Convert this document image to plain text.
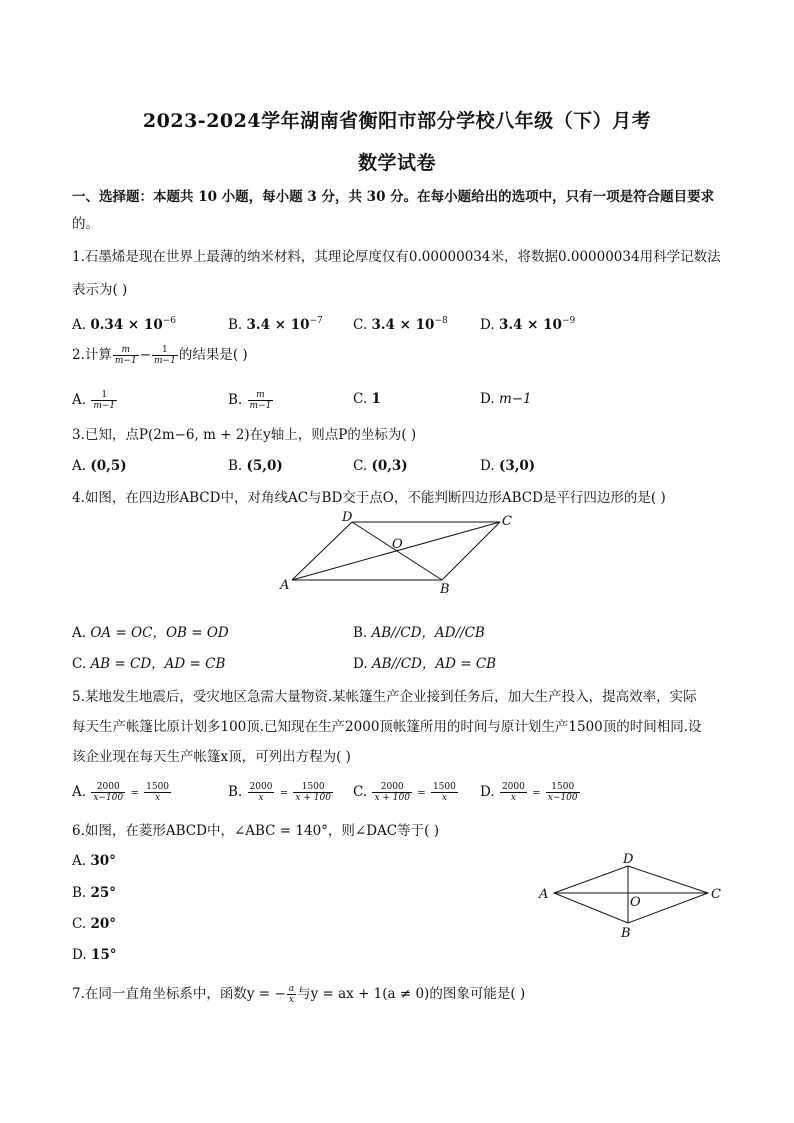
2023-2024学年湖南省衡阳市部分学校八年级（下）月考
数学试卷
一、选择题：本题共 10 小题，每小题 3 分，共 30 分。在每小题给出的选项中，只有一项是符合题目要求
的。
1.石墨烯是现在世界上最薄的纳米材料，其理论厚度仅有0.00000034米，将数据0.00000034用科学记数法
表示为( )
A. $0.34 \times 10^{-6}$	B. $3.4 \times 10^{-7}$ C. $3.4 \times 10^{-8}$ D. $3.4 \times 10^{-9}$
2.计算 $\frac{m}{m-1} - \frac{1}{m-1}$ 的结果是( )
A. $\frac{1}{m-1}$	B. $\frac{m}{m-1}$	C. 1	D. m−1
3.已知，点P(2m−6, m + 2)在y轴上，则点P的坐标为( )
A. (0,5)	B. (5,0)	C. (0,3)	D. (3,0)
4.如图，在四边形ABCD中，对角线AC与BD交于点O，不能判断四边形ABCD是平行四边形的是( )
A	B
C
D
O
A. OA = OC，OB = OD	B. AB//CD，AD//CB
C. AB = CD，AD = CB	D. AB//CD，AD = CB
5.某地发生地震后，受灾地区急需大量物资.某帐篷生产企业接到任务后，加大生产投入，提高效率，实际
每天生产帐篷比原计划多100顶.已知现在生产2000顶帐篷所用的时间与原计划生产1500顶的时间相同.设
该企业现在每天生产帐篷x顶，可列出方程为( )
A. $\frac{2000}{x-100} = \frac{1500}{x}$	B. $\frac{2000}{x} = \frac{1500}{x + 100} C$. $\frac{2000}{x + 100} = \frac{1500}{x} D$. $\frac{2000}{x} = \frac{1500}{x-100}$
6.如图，在菱形ABCD中，∠ABC = 140°，则∠DAC等于( )
A. 30°
B. 25°
C. 20°
D. 15°
A
B
C
D
O
7.在同一直角坐标系中，函数y = − $\frac{a}{x}$ 与y = ax + 1(a ≠ 0)的图象可能是( )
